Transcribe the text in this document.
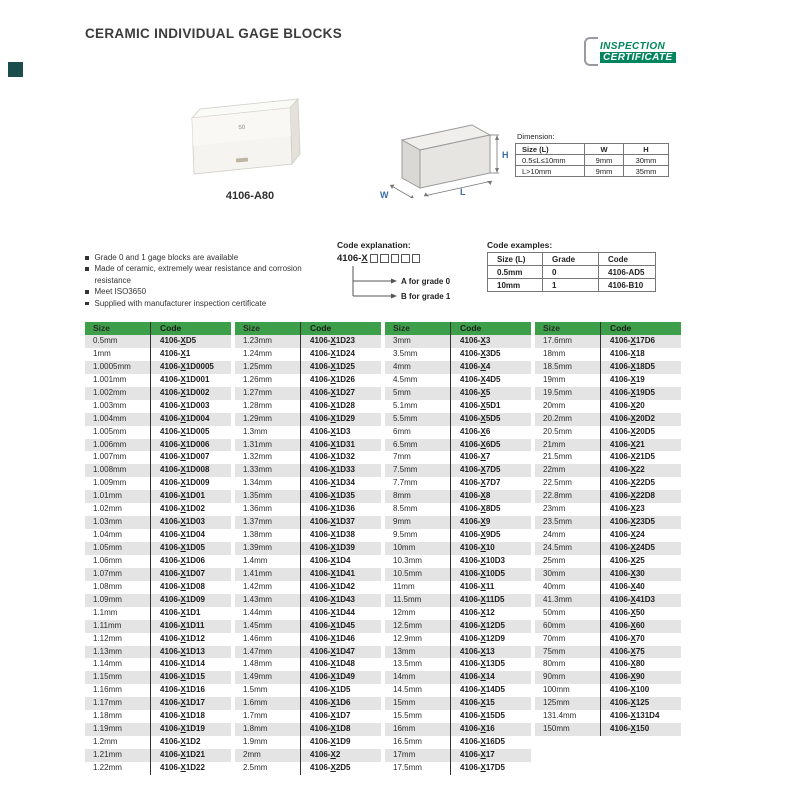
CERAMIC INDIVIDUAL GAGE BLOCKS
INSPECTION
CERTIFICATE
50
4106-A80
H
L
W
Dimension:
Size (L)	W	H
0.5≤L≤10mm	9mm	30mm
L>10mm	9mm	35mm
Grade 0 and 1 gage blocks are available
Made of ceramic, extremely wear resistance and corrosion resistance
Meet ISO3650
Supplied with manufacturer inspection certificate
Code explanation:
4106- X
A for grade 0
B for grade 1
Code examples:
Size (L)	Grade	Code
0.5mm	0	4106-AD5
10mm	1	4106-B10
Size	Code
0.5mm	4106-XD5
1mm	4106-X1
1.0005mm	4106-X1D0005
1.001mm	4106-X1D001
1.002mm	4106-X1D002
1.003mm	4106-X1D003
1.004mm	4106-X1D004
1.005mm	4106-X1D005
1.006mm	4106-X1D006
1.007mm	4106-X1D007
1.008mm	4106-X1D008
1.009mm	4106-X1D009
1.01mm	4106-X1D01
1.02mm	4106-X1D02
1.03mm	4106-X1D03
1.04mm	4106-X1D04
1.05mm	4106-X1D05
1.06mm	4106-X1D06
1.07mm	4106-X1D07
1.08mm	4106-X1D08
1.09mm	4106-X1D09
1.1mm	4106-X1D1
1.11mm	4106-X1D11
1.12mm	4106-X1D12
1.13mm	4106-X1D13
1.14mm	4106-X1D14
1.15mm	4106-X1D15
1.16mm	4106-X1D16
1.17mm	4106-X1D17
1.18mm	4106-X1D18
1.19mm	4106-X1D19
1.2mm	4106-X1D2
1.21mm	4106-X1D21
1.22mm	4106-X1D22
Size	Code
1.23mm	4106-X1D23
1.24mm	4106-X1D24
1.25mm	4106-X1D25
1.26mm	4106-X1D26
1.27mm	4106-X1D27
1.28mm	4106-X1D28
1.29mm	4106-X1D29
1.3mm	4106-X1D3
1.31mm	4106-X1D31
1.32mm	4106-X1D32
1.33mm	4106-X1D33
1.34mm	4106-X1D34
1.35mm	4106-X1D35
1.36mm	4106-X1D36
1.37mm	4106-X1D37
1.38mm	4106-X1D38
1.39mm	4106-X1D39
1.4mm	4106-X1D4
1.41mm	4106-X1D41
1.42mm	4106-X1D42
1.43mm	4106-X1D43
1.44mm	4106-X1D44
1.45mm	4106-X1D45
1.46mm	4106-X1D46
1.47mm	4106-X1D47
1.48mm	4106-X1D48
1.49mm	4106-X1D49
1.5mm	4106-X1D5
1.6mm	4106-X1D6
1.7mm	4106-X1D7
1.8mm	4106-X1D8
1.9mm	4106-X1D9
2mm	4106-X2
2.5mm	4106-X2D5
Size	Code
3mm	4106-X3
3.5mm	4106-X3D5
4mm	4106-X4
4.5mm	4106-X4D5
5mm	4106-X5
5.1mm	4106-X5D1
5.5mm	4106-X5D5
6mm	4106-X6
6.5mm	4106-X6D5
7mm	4106-X7
7.5mm	4106-X7D5
7.7mm	4106-X7D7
8mm	4106-X8
8.5mm	4106-X8D5
9mm	4106-X9
9.5mm	4106-X9D5
10mm	4106-X10
10.3mm	4106-X10D3
10.5mm	4106-X10D5
11mm	4106-X11
11.5mm	4106-X11D5
12mm	4106-X12
12.5mm	4106-X12D5
12.9mm	4106-X12D9
13mm	4106-X13
13.5mm	4106-X13D5
14mm	4106-X14
14.5mm	4106-X14D5
15mm	4106-X15
15.5mm	4106-X15D5
16mm	4106-X16
16.5mm	4106-X16D5
17mm	4106-X17
17.5mm	4106-X17D5
Size	Code
17.6mm	4106-X17D6
18mm	4106-X18
18.5mm	4106-X18D5
19mm	4106-X19
19.5mm	4106-X19D5
20mm	4106-X20
20.2mm	4106-X20D2
20.5mm	4106-X20D5
21mm	4106-X21
21.5mm	4106-X21D5
22mm	4106-X22
22.5mm	4106-X22D5
22.8mm	4106-X22D8
23mm	4106-X23
23.5mm	4106-X23D5
24mm	4106-X24
24.5mm	4106-X24D5
25mm	4106-X25
30mm	4106-X30
40mm	4106-X40
41.3mm	4106-X41D3
50mm	4106-X50
60mm	4106-X60
70mm	4106-X70
75mm	4106-X75
80mm	4106-X80
90mm	4106-X90
100mm	4106-X100
125mm	4106-X125
131.4mm	4106-X131D4
150mm	4106-X150
